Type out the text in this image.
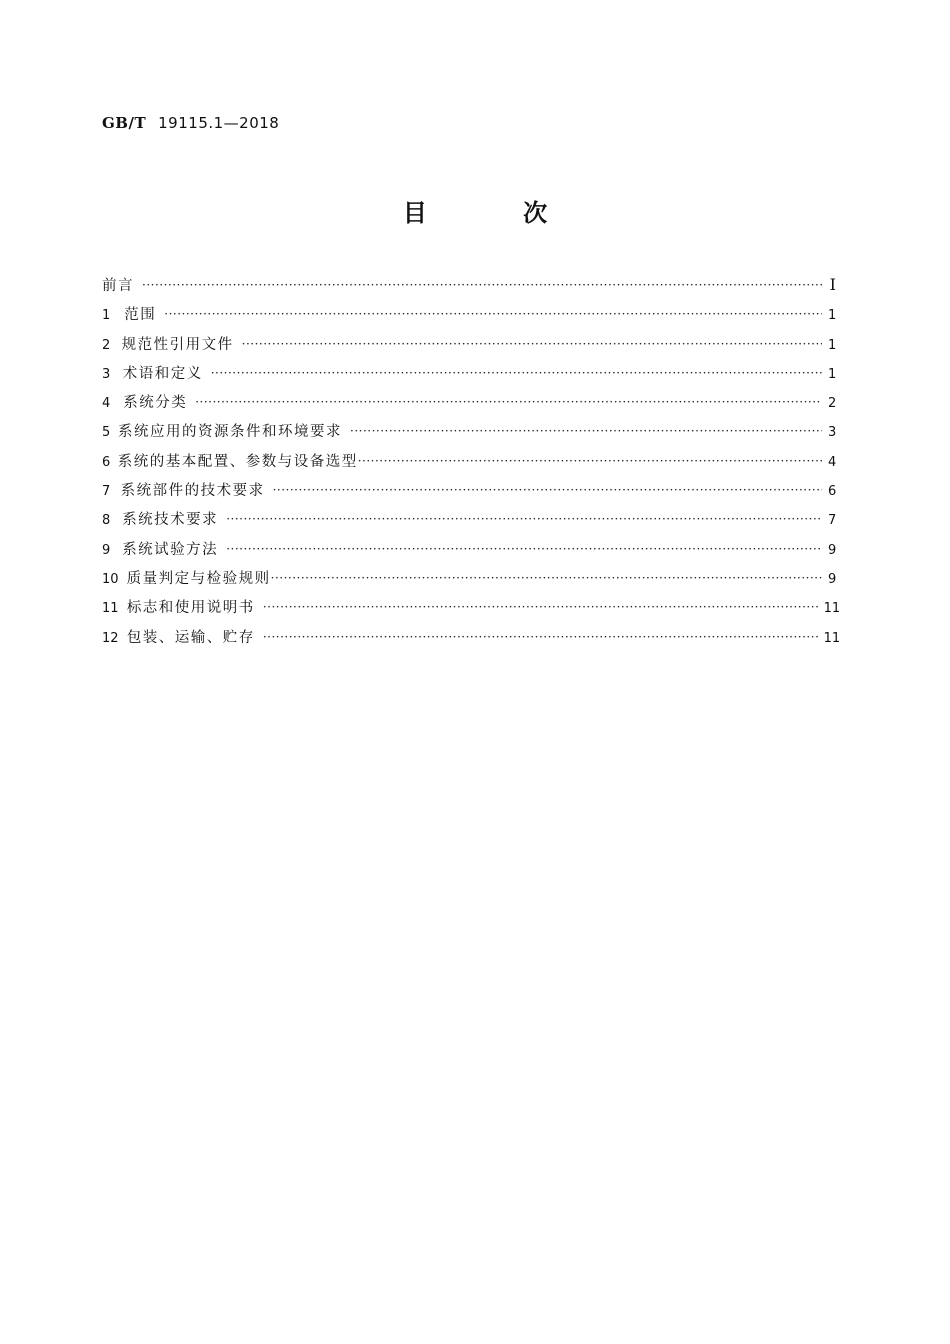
GB/T 19115.1—2018
目 次
前言 ·····	Ⅰ
1 范围 ·····	1
2 规范性引用文件 ·····	1
3 术语和定义 ·····	1
4 系统分类 ·····	2
5 系统应用的资源条件和环境要求 ·····	3
6 系统的基本配置、参数与设备选型 ·····	4
7 系统部件的技术要求 ·····	6
8 系统技术要求 ·····	7
9 系统试验方法 ·····	9
10 质量判定与检验规则 ·····	9
11 标志和使用说明书 ·····	11
12 包装、运输、贮存 ·····	11
